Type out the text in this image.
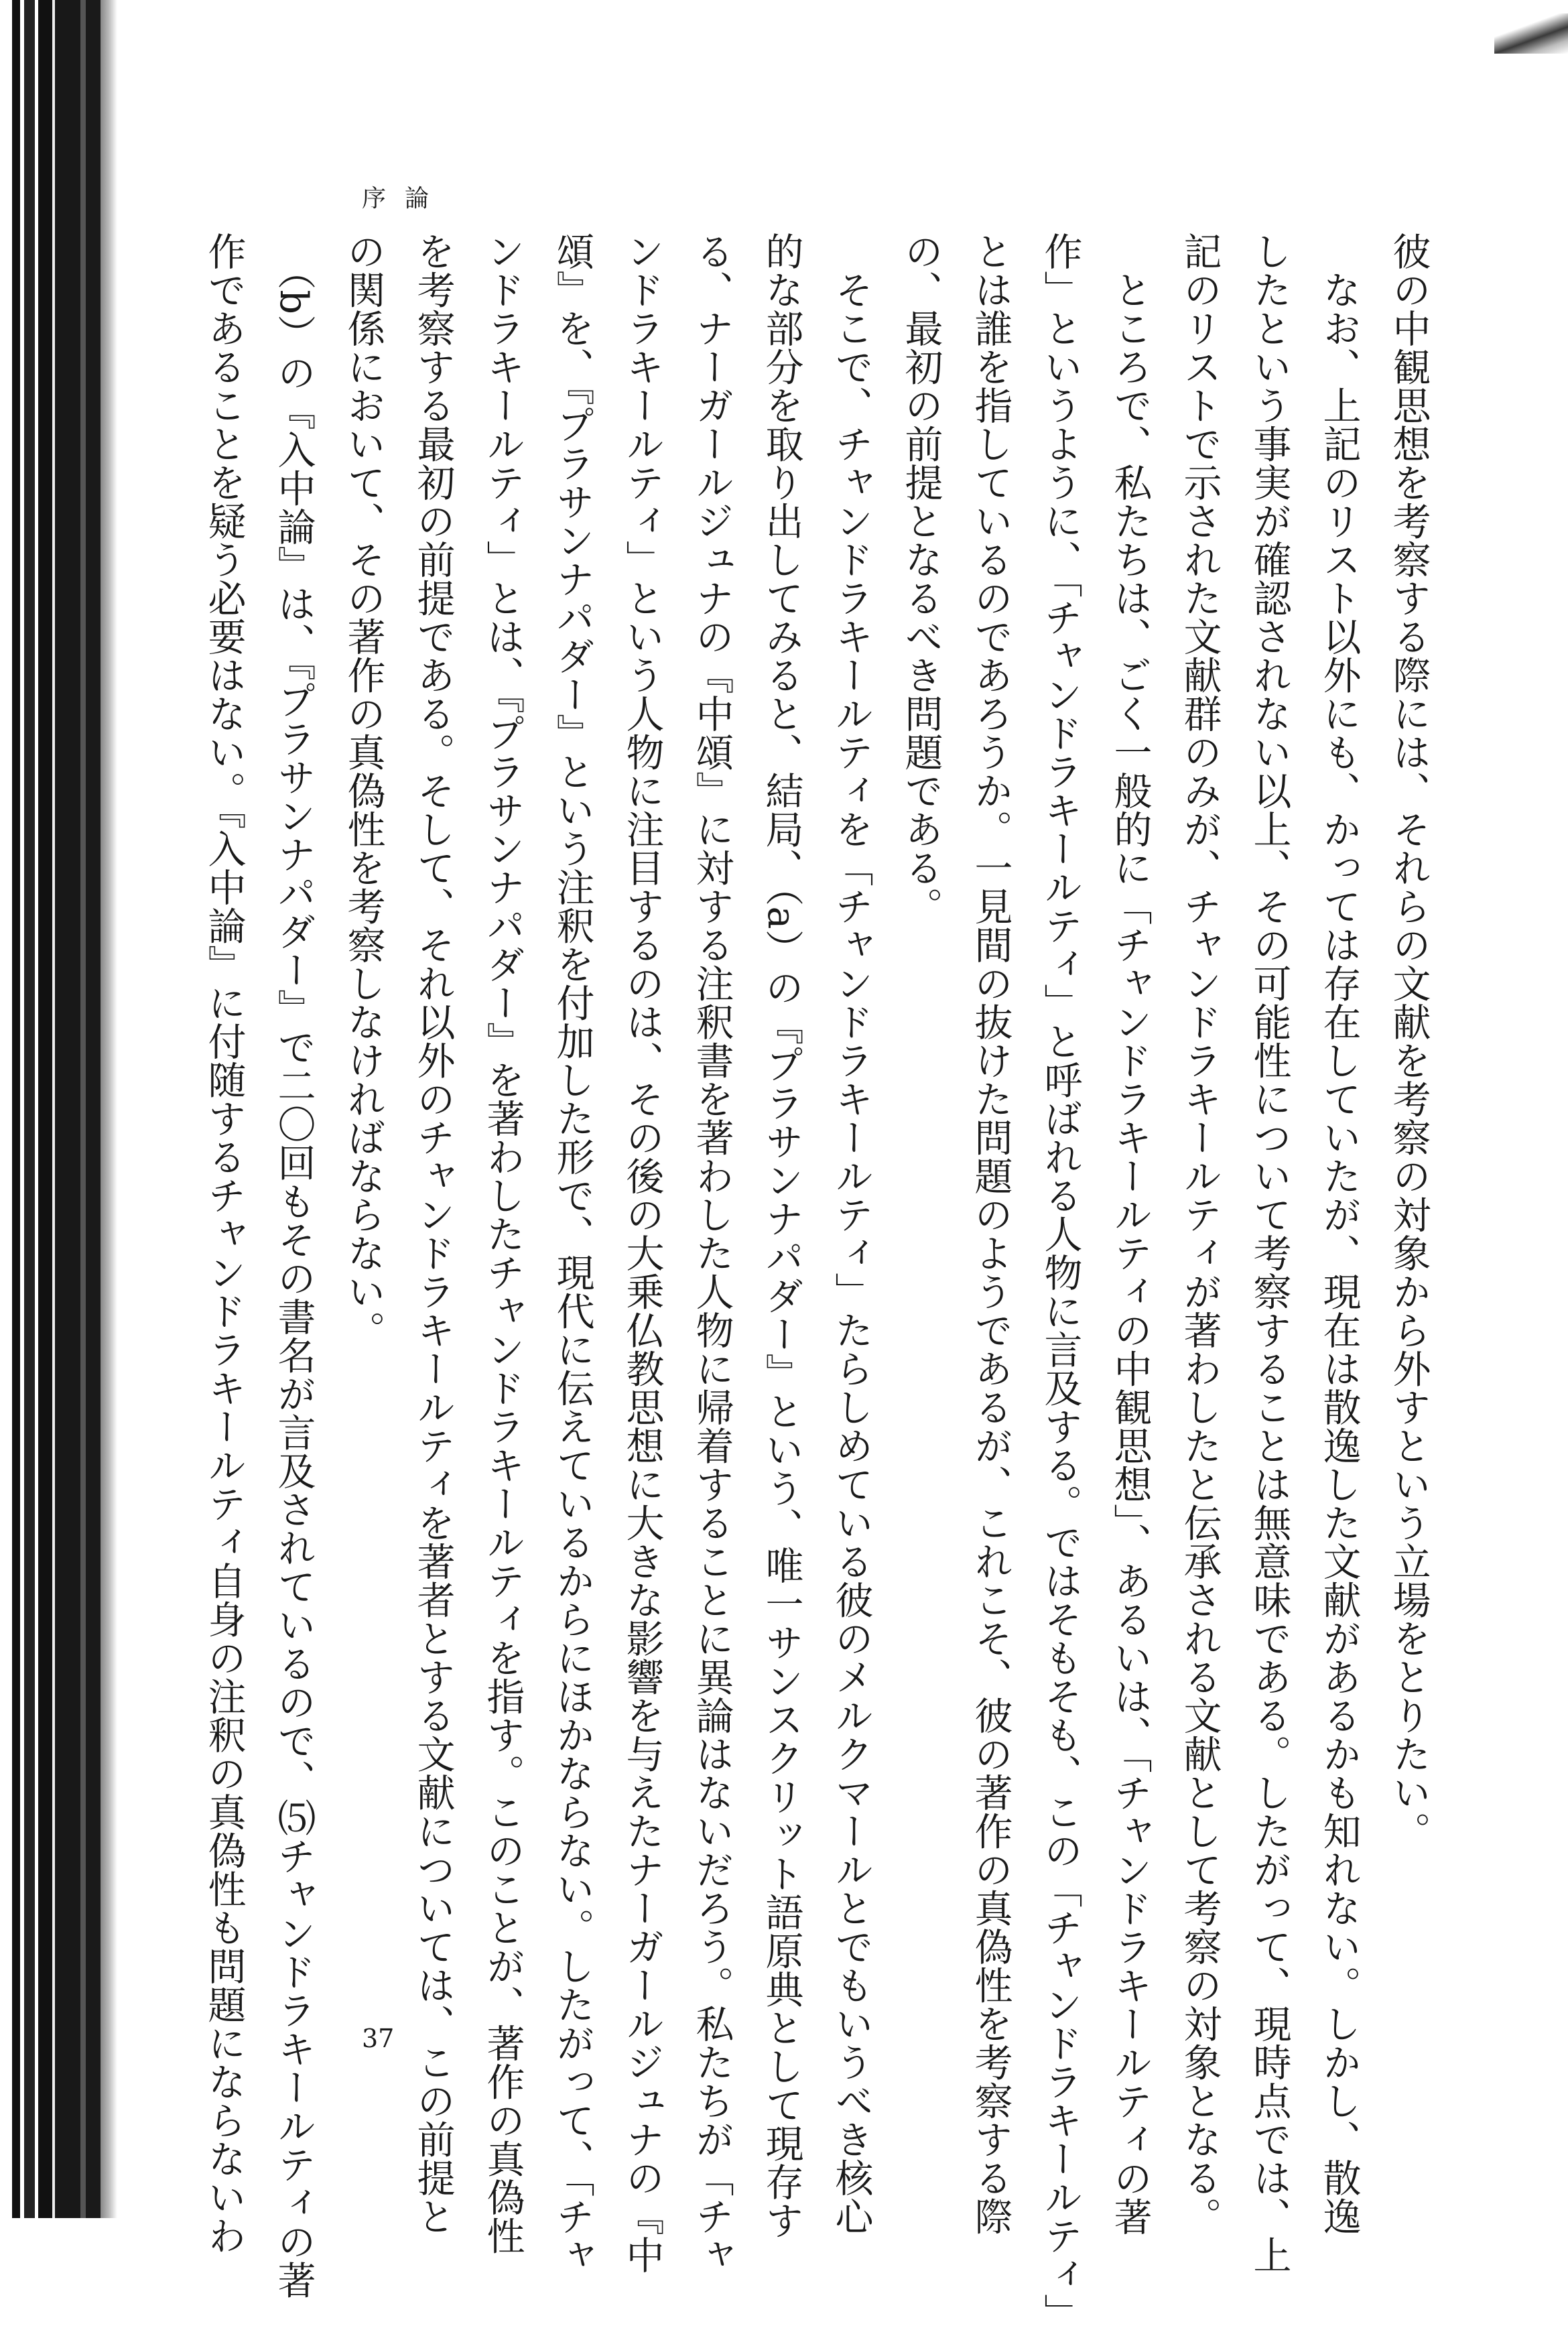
序論
彼の中観思想を考察する際には、それらの文献を考察の対象から外すという立場をとりたい。
　なお、上記のリスト以外にも、かっては存在していたが、現在は散逸した文献があるかも知れない。しかし、散逸
したという事実が確認されない以上、その可能性について考察することは無意味である。したがって、現時点では、上
記のリストで示された文献群のみが、チャンドラキールティが著わしたと伝承される文献として考察の対象となる。
　ところで、私たちは、ごく一般的に「チャンドラキールティの中観思想」、あるいは、「チャンドラキールティの著
作」というように、「チャンドラキールティ」と呼ばれる人物に言及する。ではそもそも、この「チャンドラキールティ」
とは誰を指しているのであろうか。一見間の抜けた問題のようであるが、これこそ、彼の著作の真偽性を考察する際
の、最初の前提となるべき問題である。
　そこで、チャンドラキールティを「チャンドラキールティ」たらしめている彼のメルクマールとでもいうべき核心
的な部分を取り出してみると、結局、（a）の『プラサンナパダー』という、唯一サンスクリット語原典として現存す
る、ナーガールジュナの『中頌』に対する注釈書を著わした人物に帰着することに異論はないだろう。私たちが「チャ
ンドラキールティ」という人物に注目するのは、その後の大乗仏教思想に大きな影響を与えたナーガールジュナの『中
頌』を、『プラサンナパダー』という注釈を付加した形で、現代に伝えているからにほかならない。したがって、「チャ
ンドラキールティ」とは、『プラサンナパダー』を著わしたチャンドラキールティを指す。このことが、著作の真偽性
を考察する最初の前提である。そして、それ以外のチャンドラキールティを著者とする文献については、この前提と
の関係において、その著作の真偽性を考察しなければならない。
　（b）の『入中論』は、『プラサンナパダー』で二〇回もその書名が言及されているので、⑸チャンドラキールティの著
作であることを疑う必要はない。『入中論』に付随するチャンドラキールティ自身の注釈の真偽性も問題にならないわ	37
